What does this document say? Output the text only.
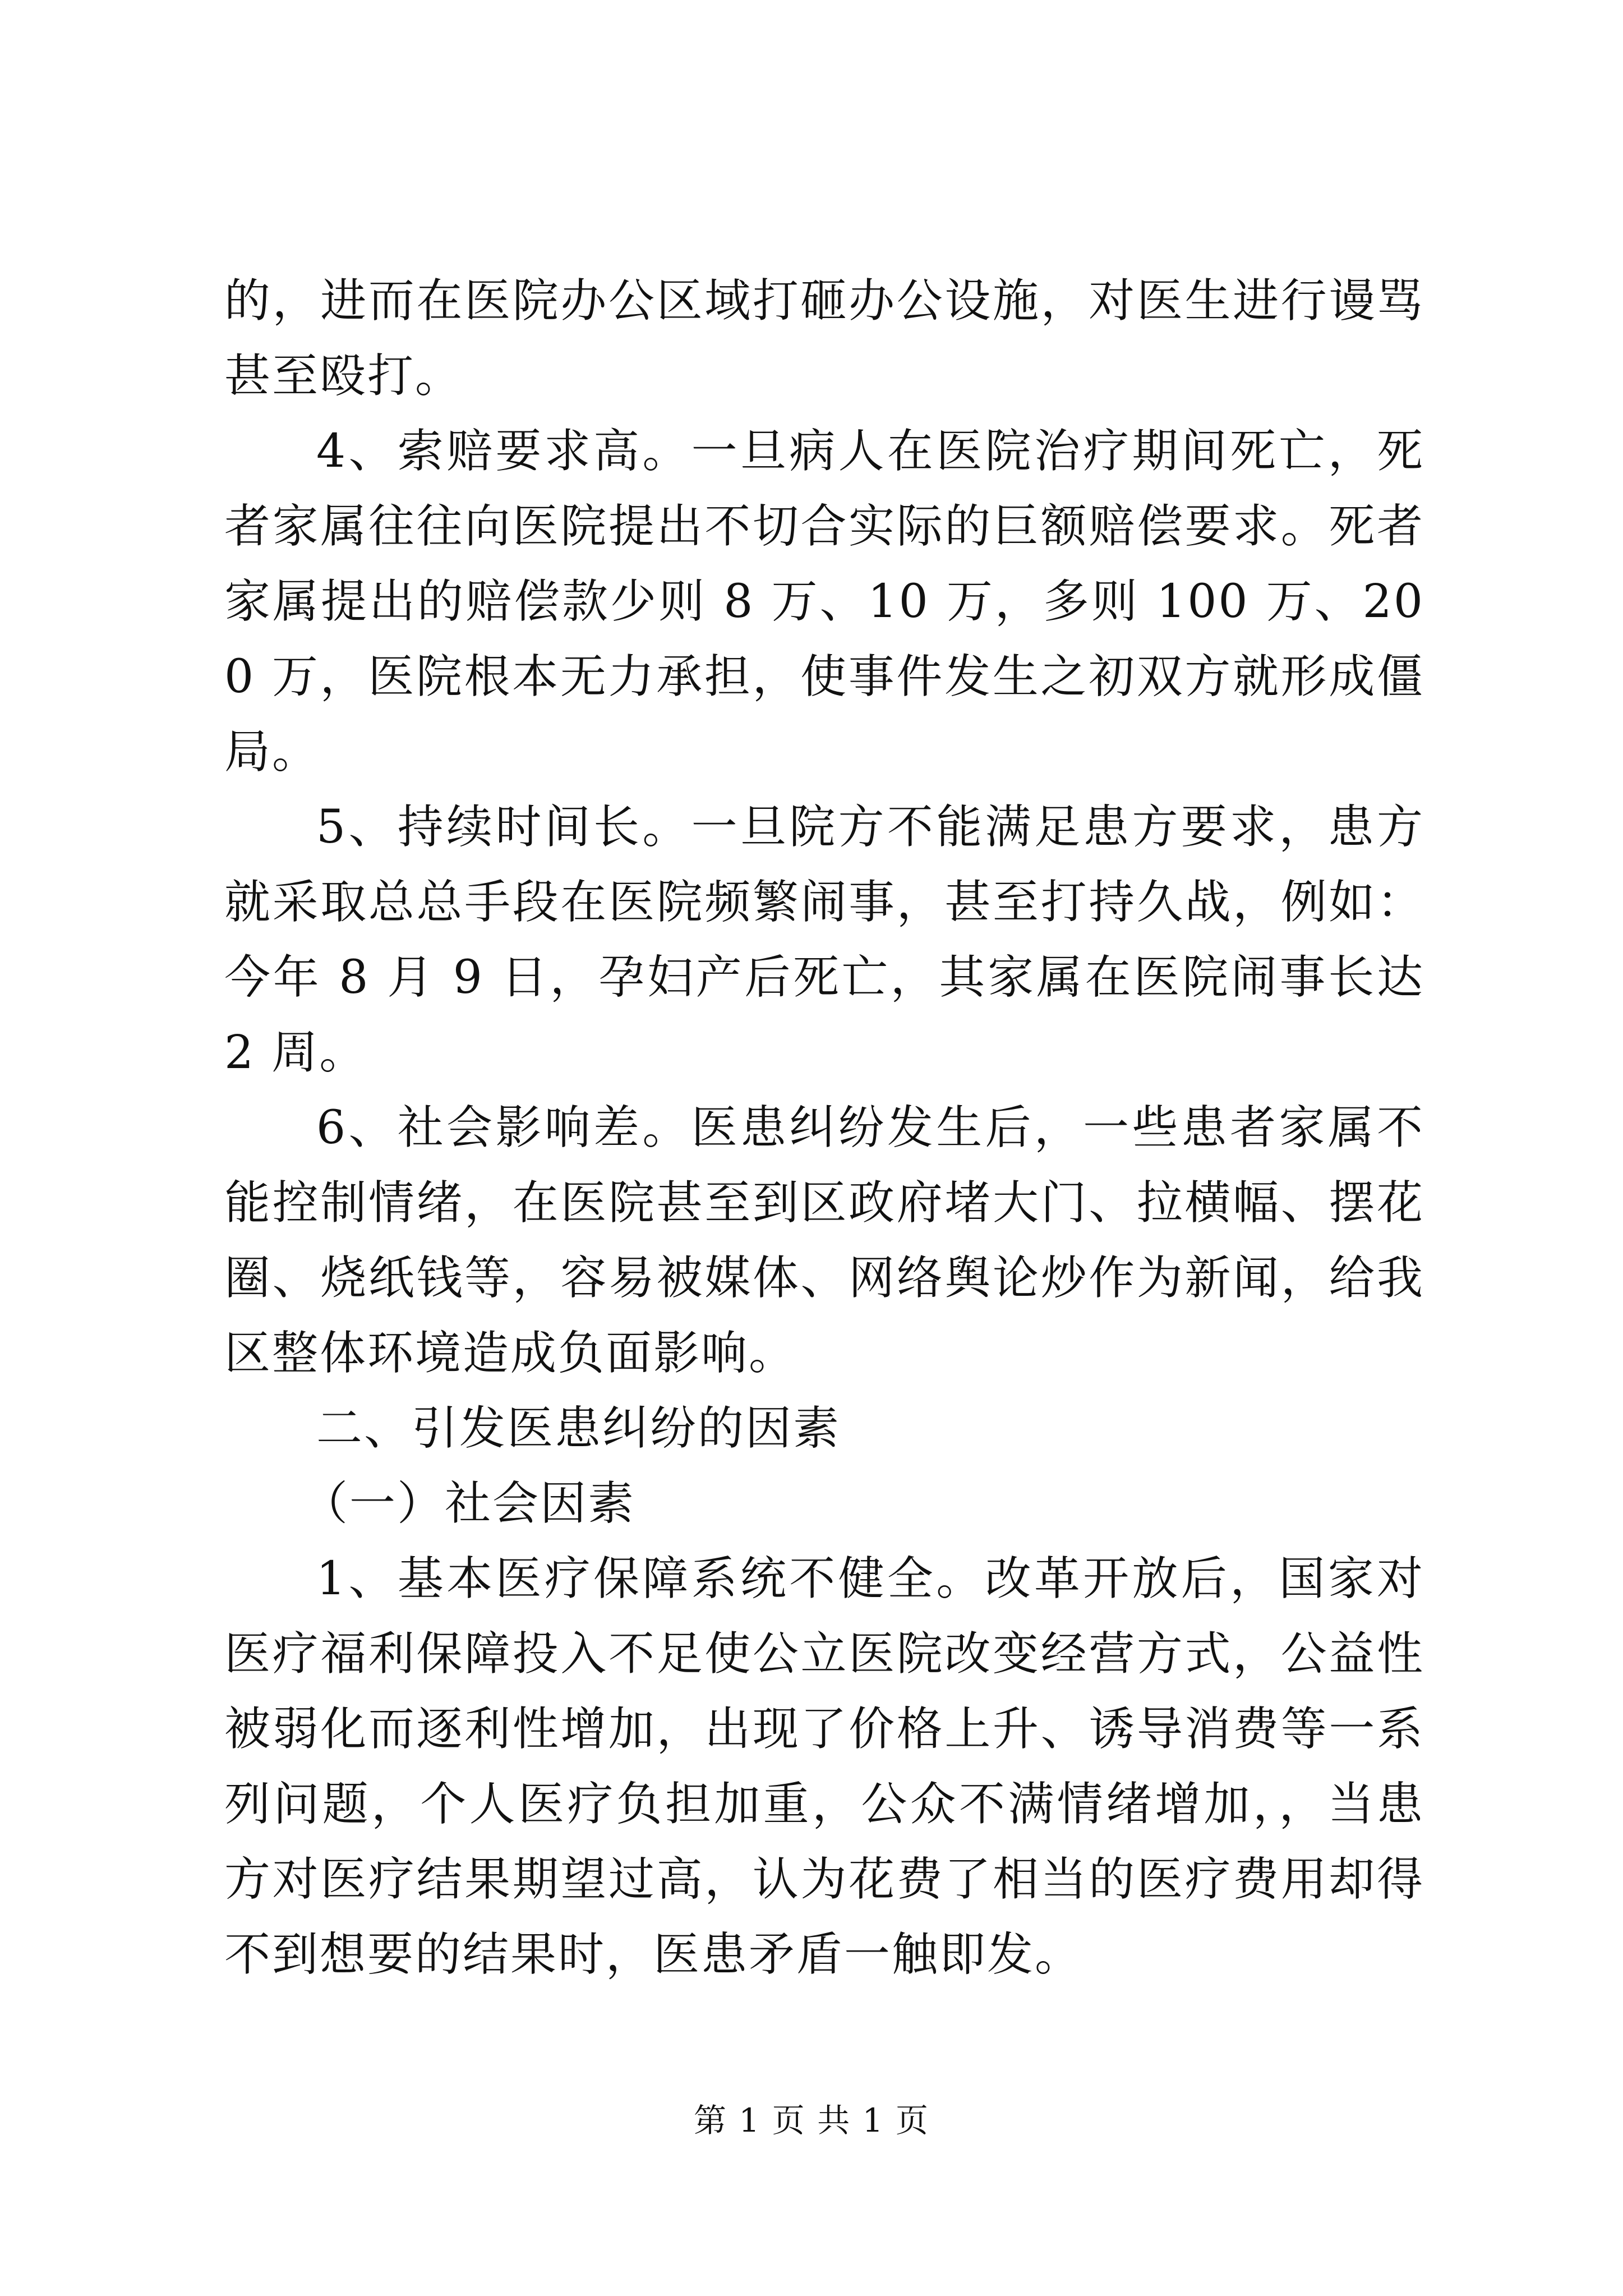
的，进而在医院办公区域打砸办公设施，对医生进行谩骂甚至殴打。

4、索赔要求高。一旦病人在医院治疗期间死亡，死者家属往往向医院提出不切合实际的巨额赔偿要求。死者家属提出的赔偿款少则 8 万、10 万，多则 100 万、200 万，医院根本无力承担，使事件发生之初双方就形成僵局。

5、持续时间长。一旦院方不能满足患方要求，患方就采取总总手段在医院频繁闹事，甚至打持久战，例如：今年 8 月 9 日，孕妇产后死亡，其家属在医院闹事长达 2 周。

6、社会影响差。医患纠纷发生后，一些患者家属不能控制情绪，在医院甚至到区政府堵大门、拉横幅、摆花圈、烧纸钱等，容易被媒体、网络舆论炒作为新闻，给我区整体环境造成负面影响。

二、引发医患纠纷的因素

（一）社会因素

1、基本医疗保障系统不健全。改革开放后，国家对医疗福利保障投入不足使公立医院改变经营方式，公益性被弱化而逐利性增加，出现了价格上升、诱导消费等一系列问题，个人医疗负担加重，公众不满情绪增加，，当患方对医疗结果期望过高，认为花费了相当的医疗费用却得不到想要的结果时，医患矛盾一触即发。

第 1 页 共 1 页
